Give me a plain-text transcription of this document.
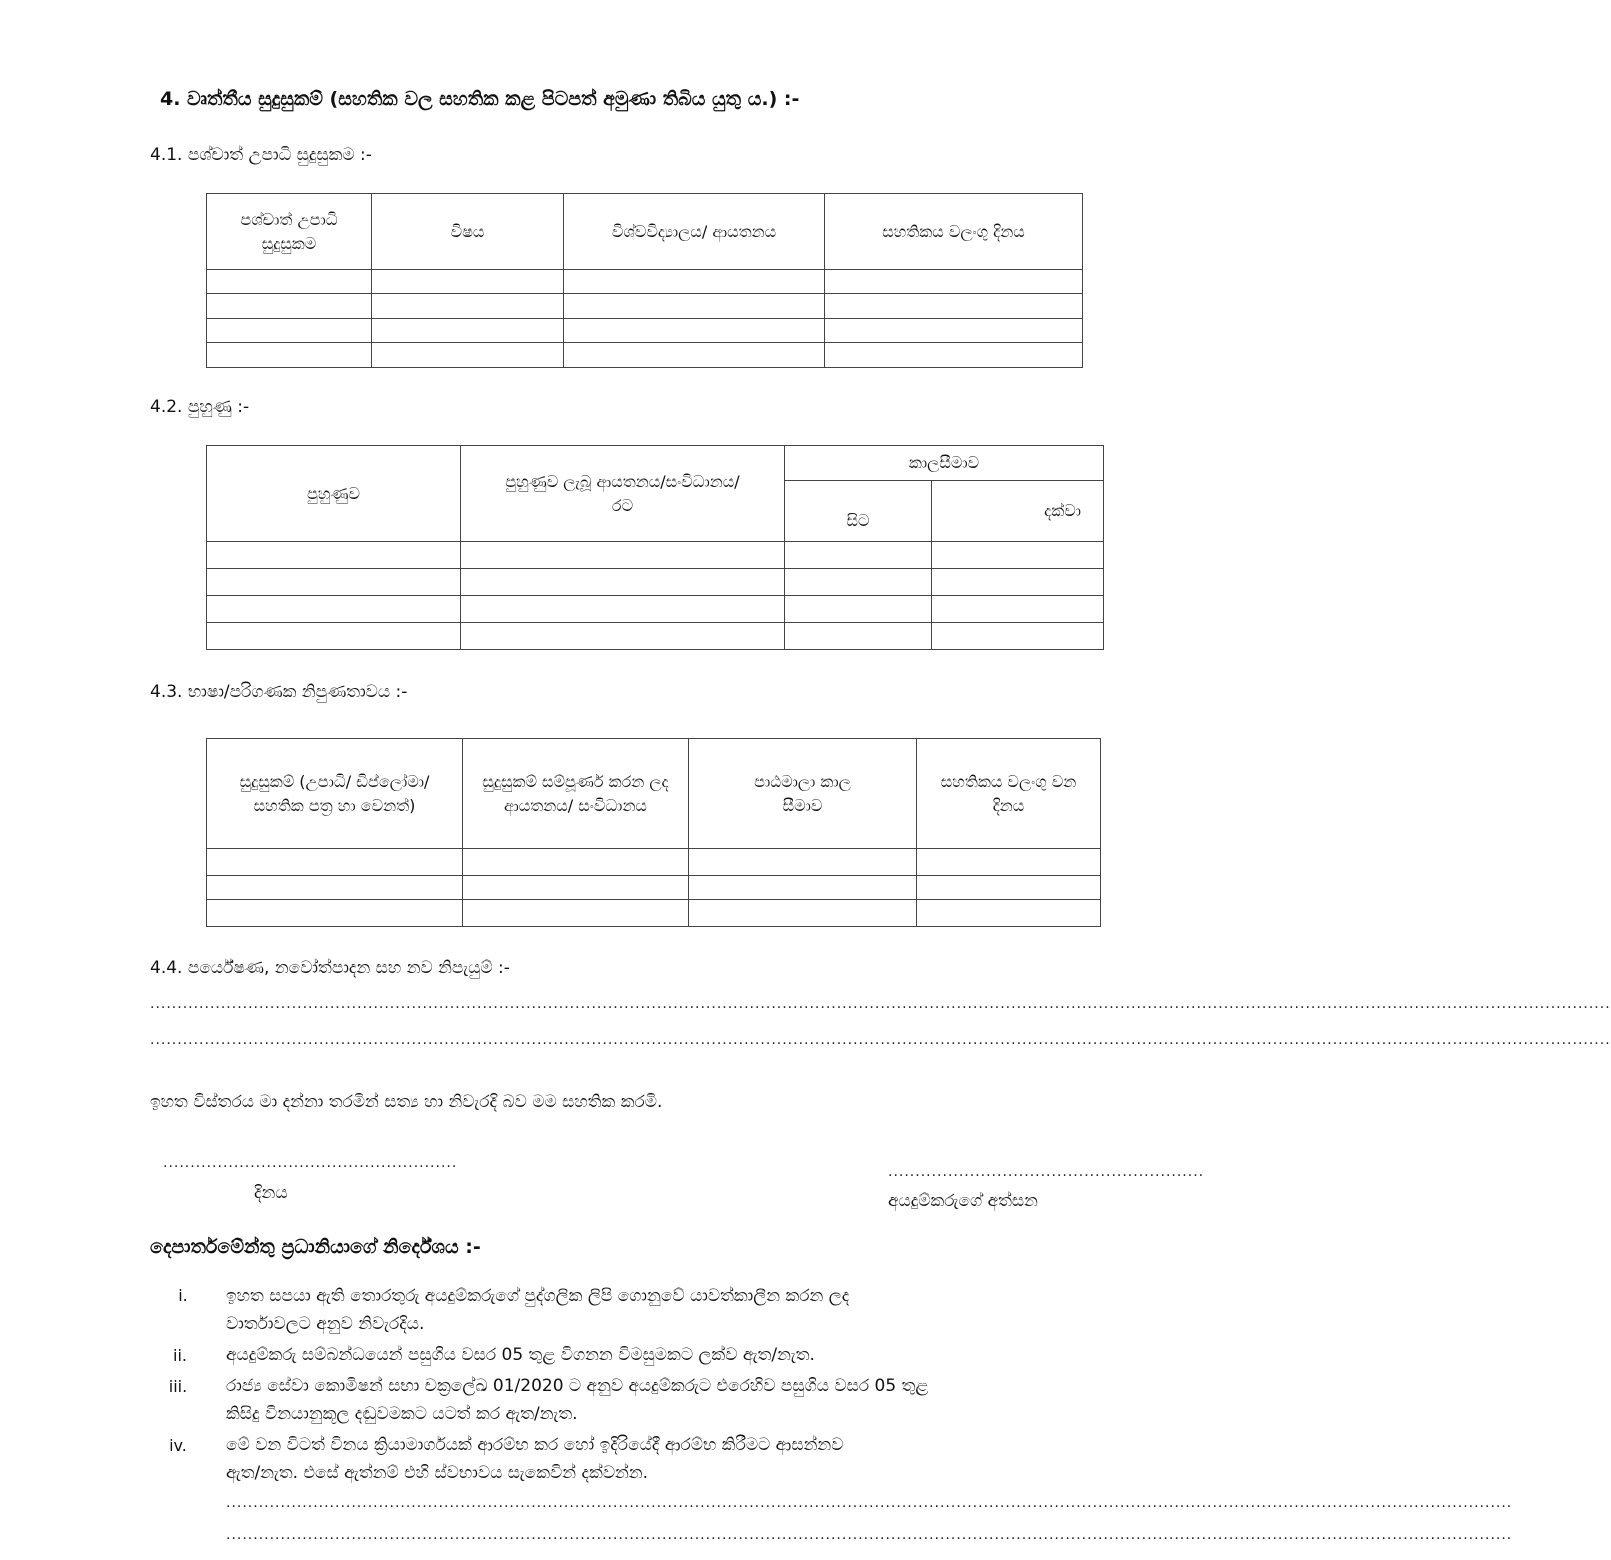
4. වෘත්තීය සුදුසුකම් (සහතික වල සහතික කළ පිටපත් අමුණා තිබිය යුතු ය.) :-
4.1. පශ්චාත් උපාධි සුදුසුකම :-
පශ්චාත් උපාධි සුදුසුකම	විෂය	විශ්වවිද්‍යාලය/ ආයතනය	සහතිකය වලංගු දිනය

4.2. පුහුණු :-
පුහුණුව	පුහුණුව ලැබූ ආයතනය/සංවිධානය/රට	කාලසීමාව	
		සිට	දක්වා

4.3. භාෂා/පරිගණක නිපුණතාවය :-
සුදුසුකම් (උපාධි/ ඩිප්ලෝමා/සහතික පත්‍ර හා වෙනත්)	සුදුසුකම් සම්පූර්ණ කරන ලද ආයතනය/ සංවිධානය	පාඨමාලා කාල සීමාව	සහතිකය වලංගු වන දිනය

4.4. පර්යේෂණ, නවෝත්පාදන සහ නව නිපැයුම් :-
............................................................................................................................................................................................................................................................................
............................................................................................................................................................................................................................................................................
ඉහත විස්තරය මා දන්නා තරමින් සත්‍ය හා නිවැරදි බව මම සහතික කරමි.
......................................................
දිනය
..........................................................
අයදුම්කරුගේ අත්සන
දෙපාර්තමේන්තු ප්‍රධානියාගේ නිර්දේශය :-
i.	ඉහත සපයා ඇති තොරතුරු අයදුම්කරුගේ පුද්ගලික ලිපි ගොනුවේ යාවත්කාලීන කරන ලද
වාර්තාවලට අනුව නිවැරදිය.
ii.	අයදුම්කරු සම්බන්ධයෙන් පසුගිය වසර 05 තුළ විගනන විමසුමකට ලක්ව ඇත/නැත.
iii.	රාජ්‍ය සේවා කොමිෂන් සභා චක්‍රලේඛ 01/2020 ට අනුව අයදුම්කරුට එරෙහිව පසුගිය වසර 05 තුළ
කිසිදු විනයානුකූල දඬුවමකට යටත් කර ඇත/නැත.
iv.	මේ වන විටත් විනය ක්‍රියාමාර්ගයක් ආරම්භ කර හෝ ඉදිරියේදී ආරම්භ කිරීමට ආසන්නව
ඇත/නැත. එසේ ඇත්නම් එහි ස්වභාවය සැකෙවින් දක්වන්න.
............................................................................................................................................................................................................................................
............................................................................................................................................................................................................................................
